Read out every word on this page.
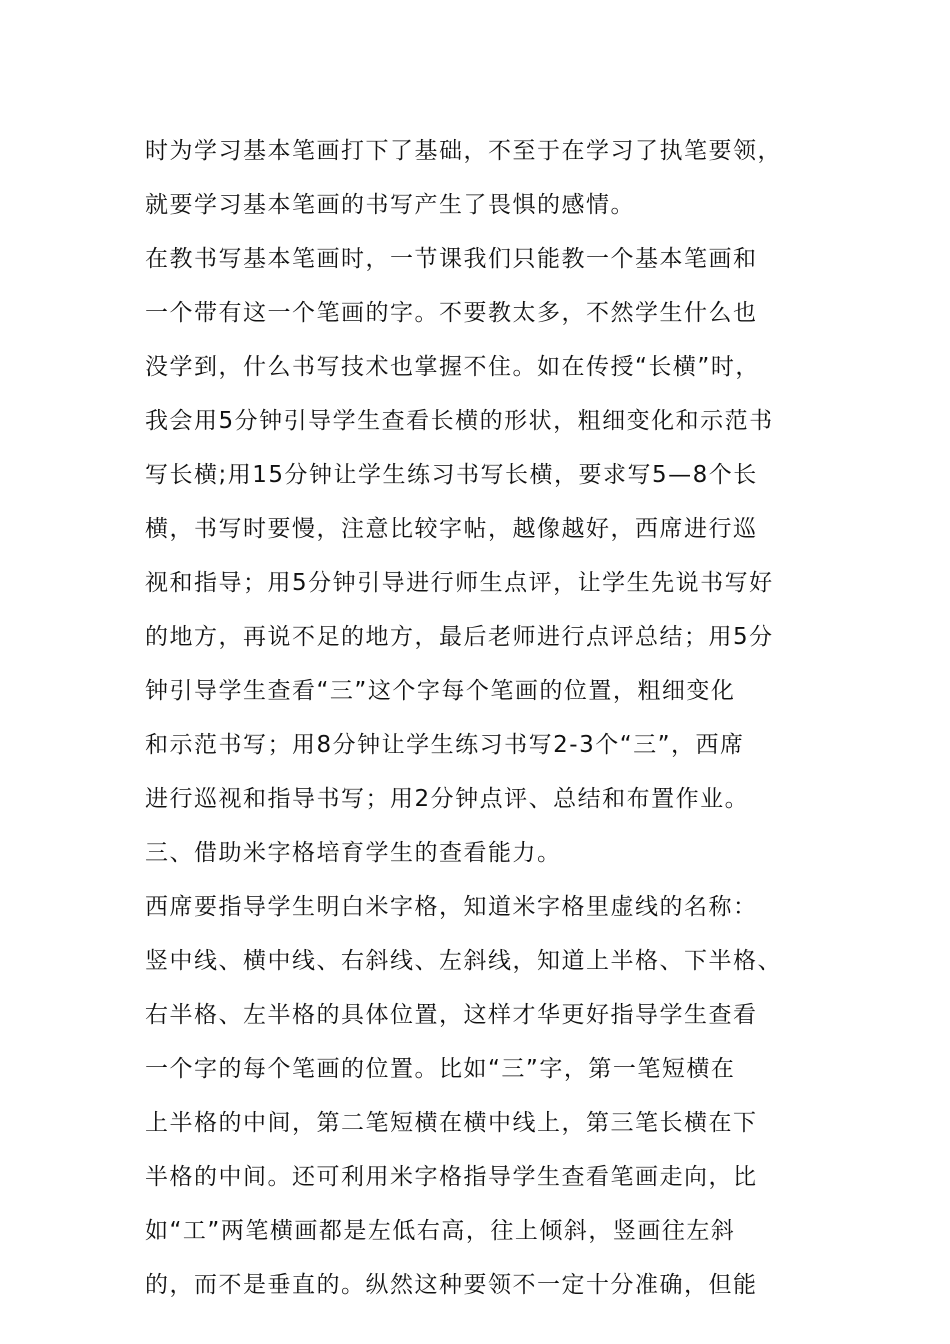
时为学习基本笔画打下了基础，不至于在学习了执笔要领，
就要学习基本笔画的书写产生了畏惧的感情。
在教书写基本笔画时，一节课我们只能教一个基本笔画和
一个带有这一个笔画的字。不要教太多，不然学生什么也
没学到，什么书写技术也掌握不住。如在传授“长横”时，
我会用5分钟引导学生查看长横的形状，粗细变化和示范书
写长横;用15分钟让学生练习书写长横，要求写5—8个长
横，书写时要慢，注意比较字帖，越像越好，西席进行巡
视和指导；用5分钟引导进行师生点评，让学生先说书写好
的地方，再说不足的地方，最后老师进行点评总结；用5分
钟引导学生查看“三”这个字每个笔画的位置，粗细变化
和示范书写；用8分钟让学生练习书写2-3个“三”，西席
进行巡视和指导书写；用2分钟点评、总结和布置作业。
三、借助米字格培育学生的查看能力。
西席要指导学生明白米字格，知道米字格里虚线的名称：
竖中线、横中线、右斜线、左斜线，知道上半格、下半格、
右半格、左半格的具体位置，这样才华更好指导学生查看
一个字的每个笔画的位置。比如“三”字，第一笔短横在
上半格的中间，第二笔短横在横中线上，第三笔长横在下
半格的中间。还可利用米字格指导学生查看笔画走向，比
如“工”两笔横画都是左低右高，往上倾斜，竖画往左斜
的，而不是垂直的。纵然这种要领不一定十分准确，但能
